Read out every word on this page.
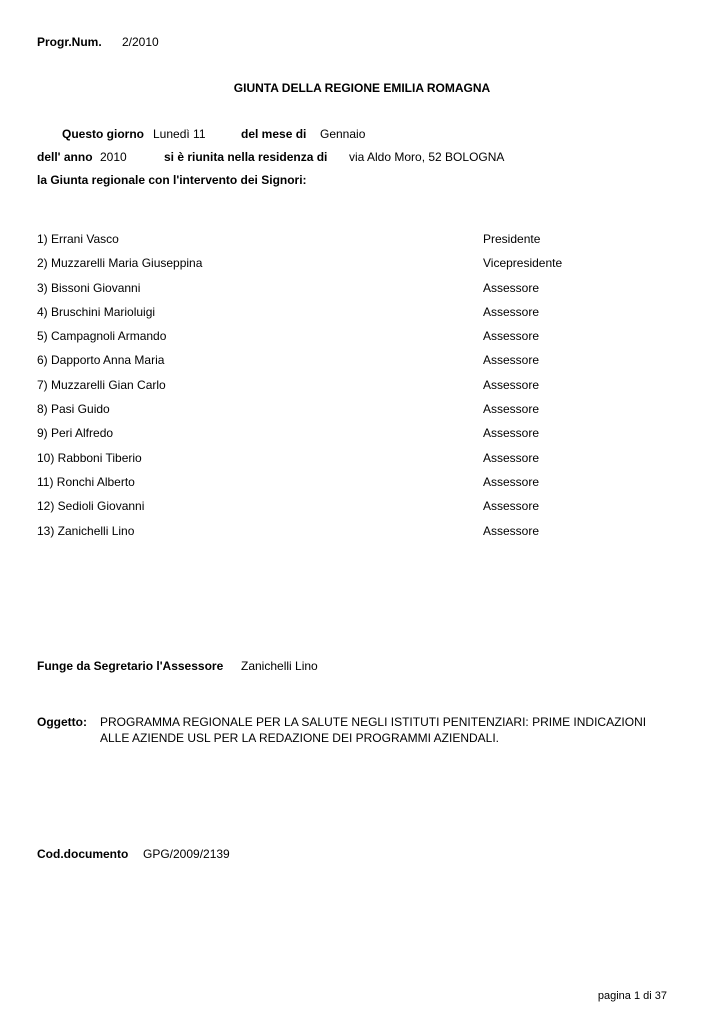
Progr.Num. 2/2010
GIUNTA DELLA REGIONE EMILIA ROMAGNA
Questo giorno Lunedì 11	del mese di Gennaio
dell' anno 2010	si è riunita nella residenza di via Aldo Moro, 52 BOLOGNA
la Giunta regionale con l'intervento dei Signori:
1) Errani Vasco	Presidente
2) Muzzarelli Maria Giuseppina	Vicepresidente
3) Bissoni Giovanni	Assessore
4) Bruschini Marioluigi	Assessore
5) Campagnoli Armando	Assessore
6) Dapporto Anna Maria	Assessore
7) Muzzarelli Gian Carlo	Assessore
8) Pasi Guido	Assessore
9) Peri Alfredo	Assessore
10) Rabboni Tiberio	Assessore
11) Ronchi Alberto	Assessore
12) Sedioli Giovanni	Assessore
13) Zanichelli Lino	Assessore
Funge da Segretario l'Assessore Zanichelli Lino
Oggetto: PROGRAMMA REGIONALE PER LA SALUTE NEGLI ISTITUTI PENITENZIARI: PRIME INDICAZIONI
ALLE AZIENDE USL PER LA REDAZIONE DEI PROGRAMMI AZIENDALI.
Cod.documento GPG/2009/2139
pagina 1 di 37
